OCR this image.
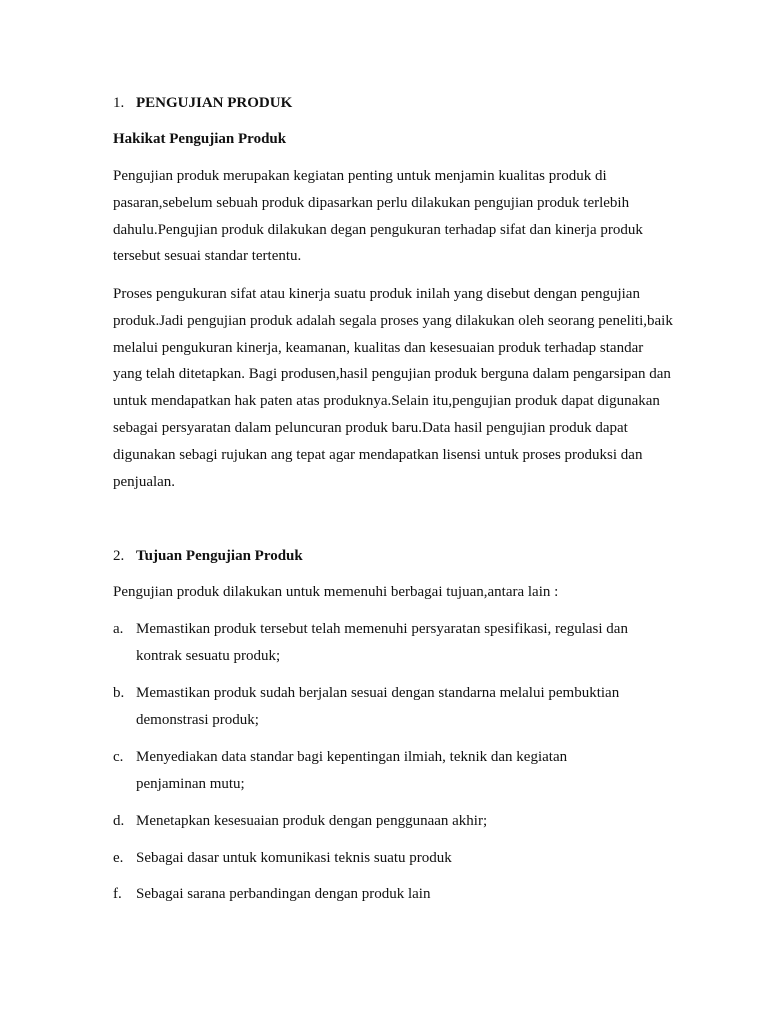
1. PENGUJIAN PRODUK
Hakikat Pengujian Produk
Pengujian produk merupakan kegiatan penting untuk menjamin kualitas produk di
pasaran,sebelum sebuah produk dipasarkan perlu dilakukan pengujian produk terlebih
dahulu.Pengujian produk dilakukan degan pengukuran terhadap sifat dan kinerja produk
tersebut sesuai standar tertentu.
Proses pengukuran sifat atau kinerja suatu produk inilah yang disebut dengan pengujian
produk.Jadi pengujian produk adalah segala proses yang dilakukan oleh seorang peneliti,baik
melalui pengukuran kinerja, keamanan, kualitas dan kesesuaian produk terhadap standar
yang telah ditetapkan. Bagi produsen,hasil pengujian produk berguna dalam pengarsipan dan
untuk mendapatkan hak paten atas produknya.Selain itu,pengujian produk dapat digunakan
sebagai persyaratan dalam peluncuran produk baru.Data hasil pengujian produk dapat
digunakan sebagi rujukan ang tepat agar mendapatkan lisensi untuk proses produksi dan
penjualan.
2. Tujuan Pengujian Produk
Pengujian produk dilakukan untuk memenuhi berbagai tujuan,antara lain :
a. Memastikan produk tersebut telah memenuhi persyaratan spesifikasi, regulasi dan
kontrak sesuatu produk;
b. Memastikan produk sudah berjalan sesuai dengan standarna melalui pembuktian
demonstrasi produk;
c. Menyediakan data standar bagi kepentingan ilmiah, teknik dan kegiatan
penjaminan mutu;
d. Menetapkan kesesuaian produk dengan penggunaan akhir;
e. Sebagai dasar untuk komunikasi teknis suatu produk
f. Sebagai sarana perbandingan dengan produk lain
